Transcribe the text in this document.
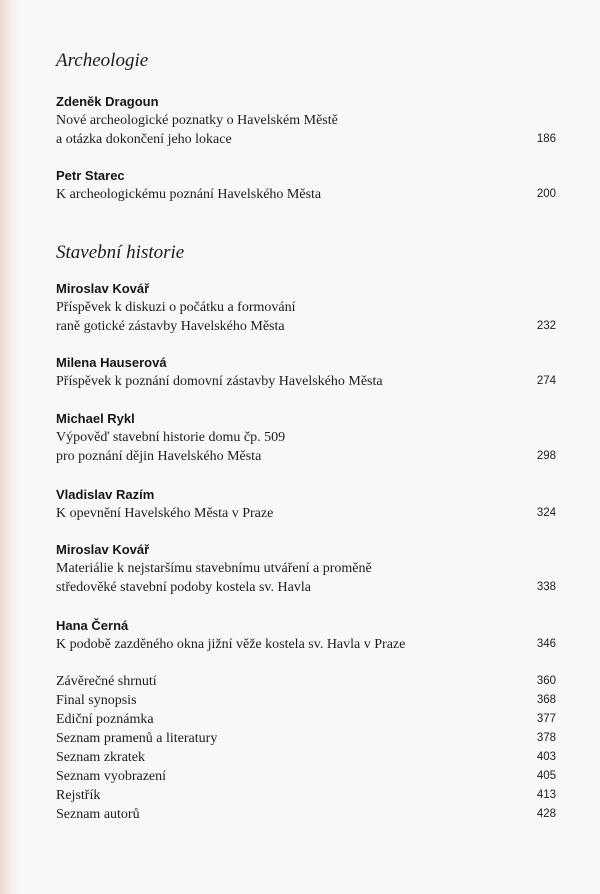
Archeologie
Zdeněk Dragoun
Nové archeologické poznatky o Havelském Městě
a otázka dokončení jeho lokace	186
Petr Starec
K archeologickému poznání Havelského Města	200
Stavební historie
Miroslav Kovář
Příspěvek k diskuzi o počátku a formování
raně gotické zástavby Havelského Města	232
Milena Hauserová
Příspěvek k poznání domovní zástavby Havelského Města	274
Michael Rykl
Výpověď stavební historie domu čp. 509
pro poznání dějin Havelského Města	298
Vladislav Razím
K opevnění Havelského Města v Praze	324
Miroslav Kovář
Materiálie k nejstaršímu stavebnímu utváření a proměně
středověké stavební podoby kostela sv. Havla	338
Hana Černá
K podobě zazděného okna jižní věže kostela sv. Havla v Praze	346
Závěrečné shrnutí	360
Final synopsis	368
Ediční poznámka	377
Seznam pramenů a literatury	378
Seznam zkratek	403
Seznam vyobrazení	405
Rejstřík	413
Seznam autorů	428
